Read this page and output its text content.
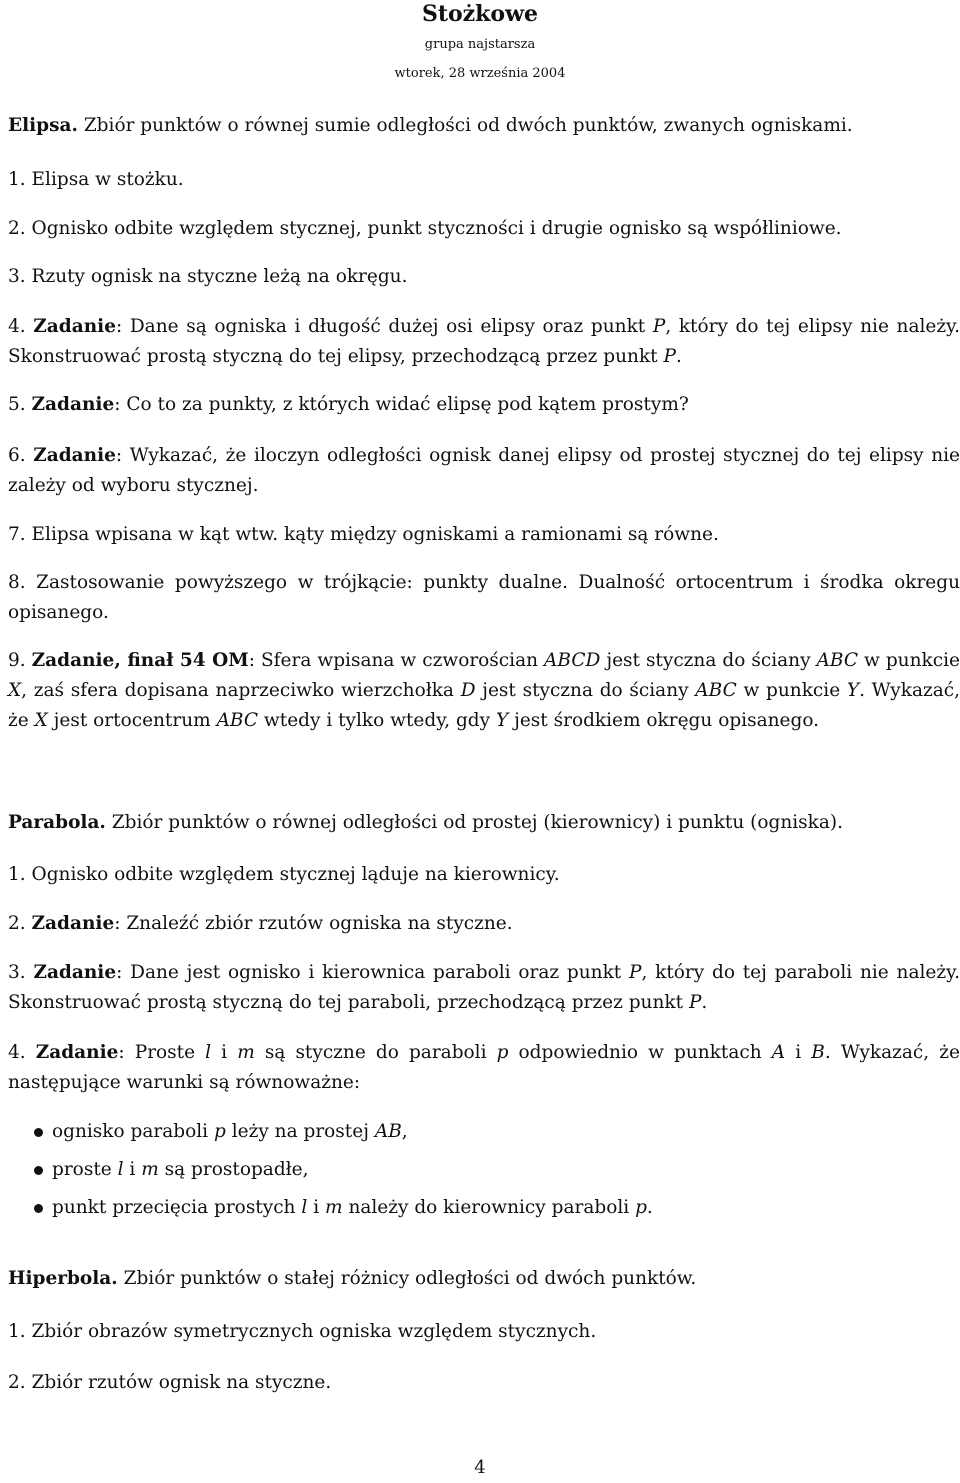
Stożkowe
grupa najstarsza
wtorek, 28 września 2004
Elipsa. Zbiór punktów o równej sumie odległości od dwóch punktów, zwanych ogniskami.
1. Elipsa w stożku.
2. Ognisko odbite względem stycznej, punkt styczności i drugie ognisko są współliniowe.
3. Rzuty ognisk na styczne leżą na okręgu.
4. Zadanie: Dane są ogniska i długość dużej osi elipsy oraz punkt P, który do tej elipsy nie należy. Skonstruować prostą styczną do tej elipsy, przechodzącą przez punkt P.
5. Zadanie: Co to za punkty, z których widać elipsę pod kątem prostym?
6. Zadanie: Wykazać, że iloczyn odległości ognisk danej elipsy od prostej stycznej do tej elipsy nie zależy od wyboru stycznej.
7. Elipsa wpisana w kąt wtw. kąty między ogniskami a ramionami są równe.
8. Zastosowanie powyższego w trójkącie: punkty dualne. Dualność ortocentrum i środka okregu opisanego.
9. Zadanie, finał 54 OM: Sfera wpisana w czworościan ABCD jest styczna do ściany ABC w punkcie X, zaś sfera dopisana naprzeciwko wierzchołka D jest styczna do ściany ABC w punkcie Y. Wykazać, że X jest ortocentrum ABC wtedy i tylko wtedy, gdy Y jest środkiem okręgu opisanego.
Parabola. Zbiór punktów o równej odległości od prostej (kierownicy) i punktu (ogniska).
1. Ognisko odbite względem stycznej ląduje na kierownicy.
2. Zadanie: Znaleźć zbiór rzutów ogniska na styczne.
3. Zadanie: Dane jest ognisko i kierownica paraboli oraz punkt P, który do tej paraboli nie należy. Skonstruować prostą styczną do tej paraboli, przechodzącą przez punkt P.
4. Zadanie: Proste l i m są styczne do paraboli p odpowiednio w punktach A i B. Wykazać, że następujące warunki są równoważne:
ognisko paraboli p leży na prostej AB,
proste l i m są prostopadłe,
punkt przecięcia prostych l i m należy do kierownicy paraboli p.
Hiperbola. Zbiór punktów o stałej różnicy odległości od dwóch punktów.
1. Zbiór obrazów symetrycznych ogniska względem stycznych.
2. Zbiór rzutów ognisk na styczne.
4
